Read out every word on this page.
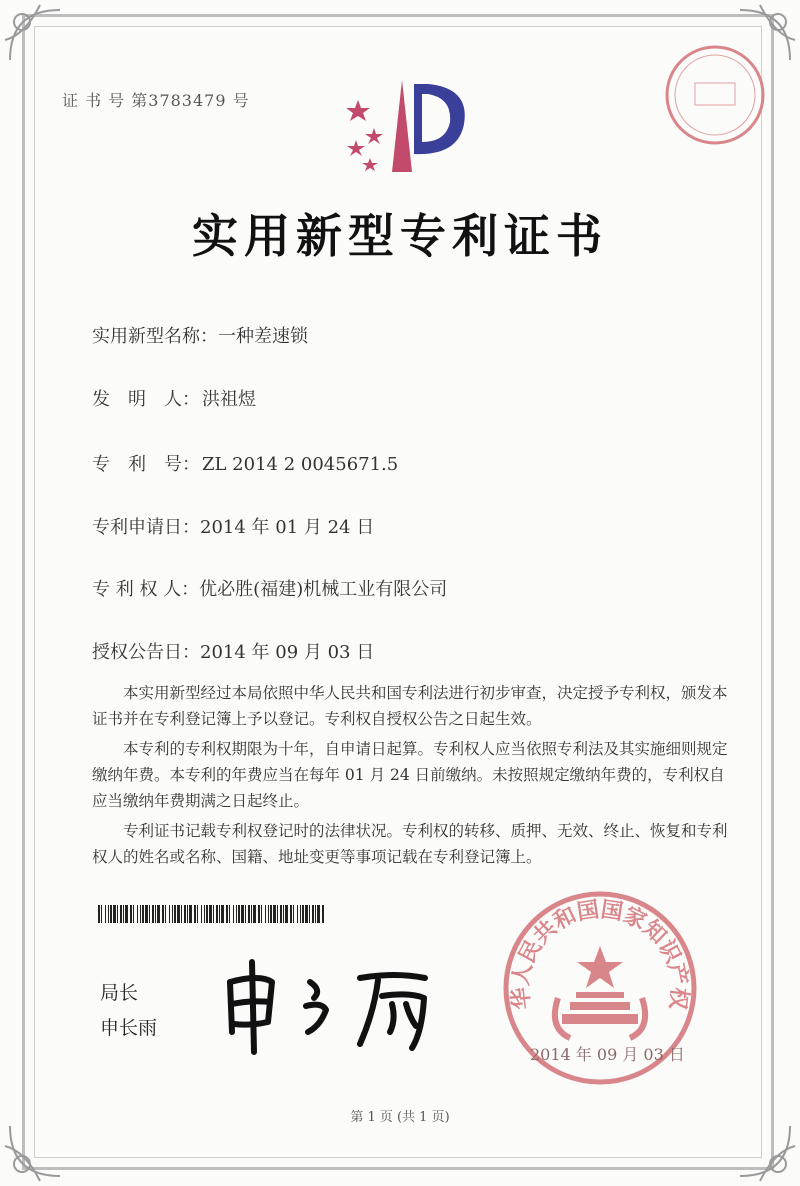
证 书 号 第3783479 号
实用新型专利证书
实用新型名称：一种差速锁
发　明　人： 洪祖煜
专　利　号： ZL 2014 2 0045671.5
专利申请日：2014 年 01 月 24 日
专 利 权 人：优必胜(福建)机械工业有限公司
授权公告日：2014 年 09 月 03 日

本实用新型经过本局依照中华人民共和国专利法进行初步审查，决定授予专利权，颁发本证书并在专利登记簿上予以登记。专利权自授权公告之日起生效。

本专利的专利权期限为十年，自申请日起算。专利权人应当依照专利法及其实施细则规定缴纳年费。本专利的年费应当在每年 01 月 24 日前缴纳。未按照规定缴纳年费的，专利权自应当缴纳年费期满之日起终止。

专利证书记载专利权登记时的法律状况。专利权的转移、质押、无效、终止、恢复和专利权人的姓名或名称、国籍、地址变更等事项记载在专利登记簿上。

局长
申长雨
华人民共和国国家知识产权
2014 年 09 月 03 日
第 1 页 (共 1 页)
